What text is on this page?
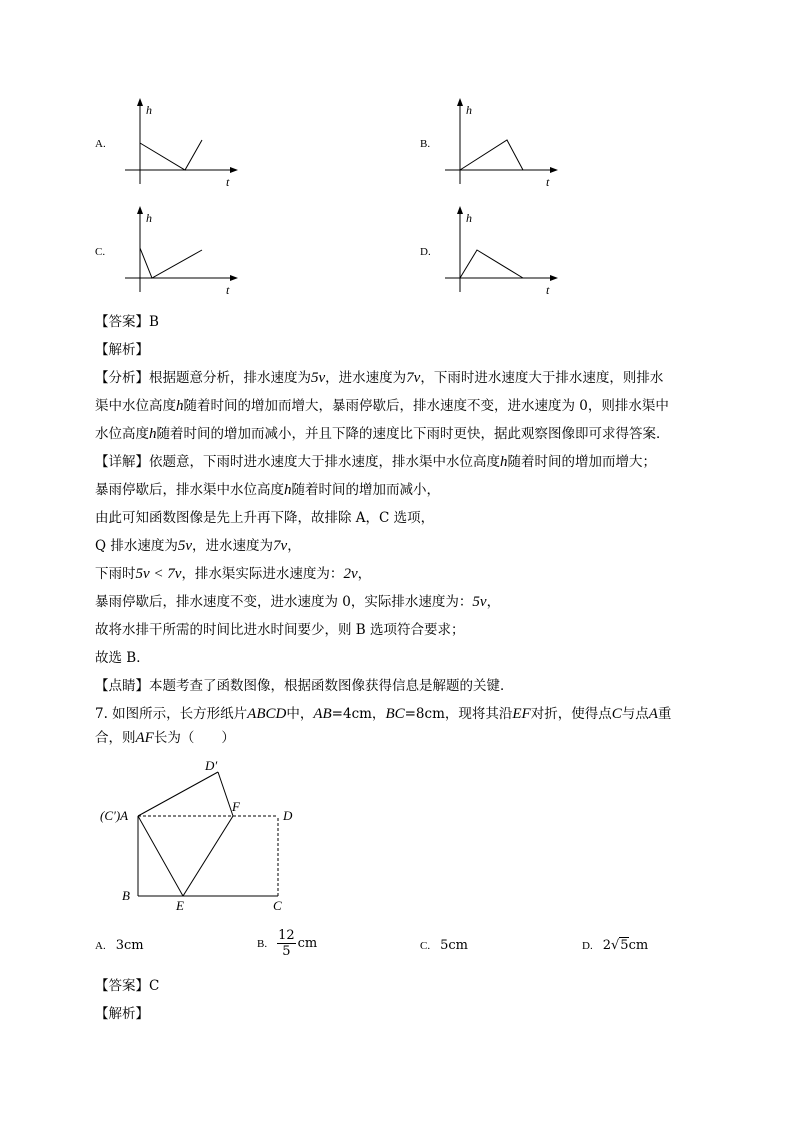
A.
h
t
B.
h
t
C.
h
t
D.
h
t
【答案】B
【解析】
【分析】根据题意分析，排水速度为5v，进水速度为7v，下雨时进水速度大于排水速度，则排水
渠中水位高度h随着时间的增加而增大，暴雨停歇后，排水速度不变，进水速度为 0，则排水渠中
水位高度h随着时间的增加而减小，并且下降的速度比下雨时更快，据此观察图像即可求得答案．
【详解】依题意，下雨时进水速度大于排水速度，排水渠中水位高度h随着时间的增加而增大；
暴雨停歇后，排水渠中水位高度h随着时间的增加而减小，
由此可知函数图像是先上升再下降，故排除 A，C 选项，
Q 排水速度为5v，进水速度为7v，
下雨时5v < 7v，排水渠实际进水速度为：2v，
暴雨停歇后，排水速度不变，进水速度为 0，实际排水速度为：5v，
故将水排干所需的时间比进水时间要少，则 B 选项符合要求；
故选 B．
【点睛】本题考查了函数图像，根据函数图像获得信息是解题的关键．
7. 如图所示，长方形纸片ABCD中，AB=4cm，BC=8cm，现将其沿EF对折，使得点C与点A重
合，则AF长为（　　）
D′
(C′)A
F
D
B
E	C
A. 3cm	B. $\frac{12}{5}$ cm	C. 5cm	D. 2√5cm
【答案】C
【解析】
